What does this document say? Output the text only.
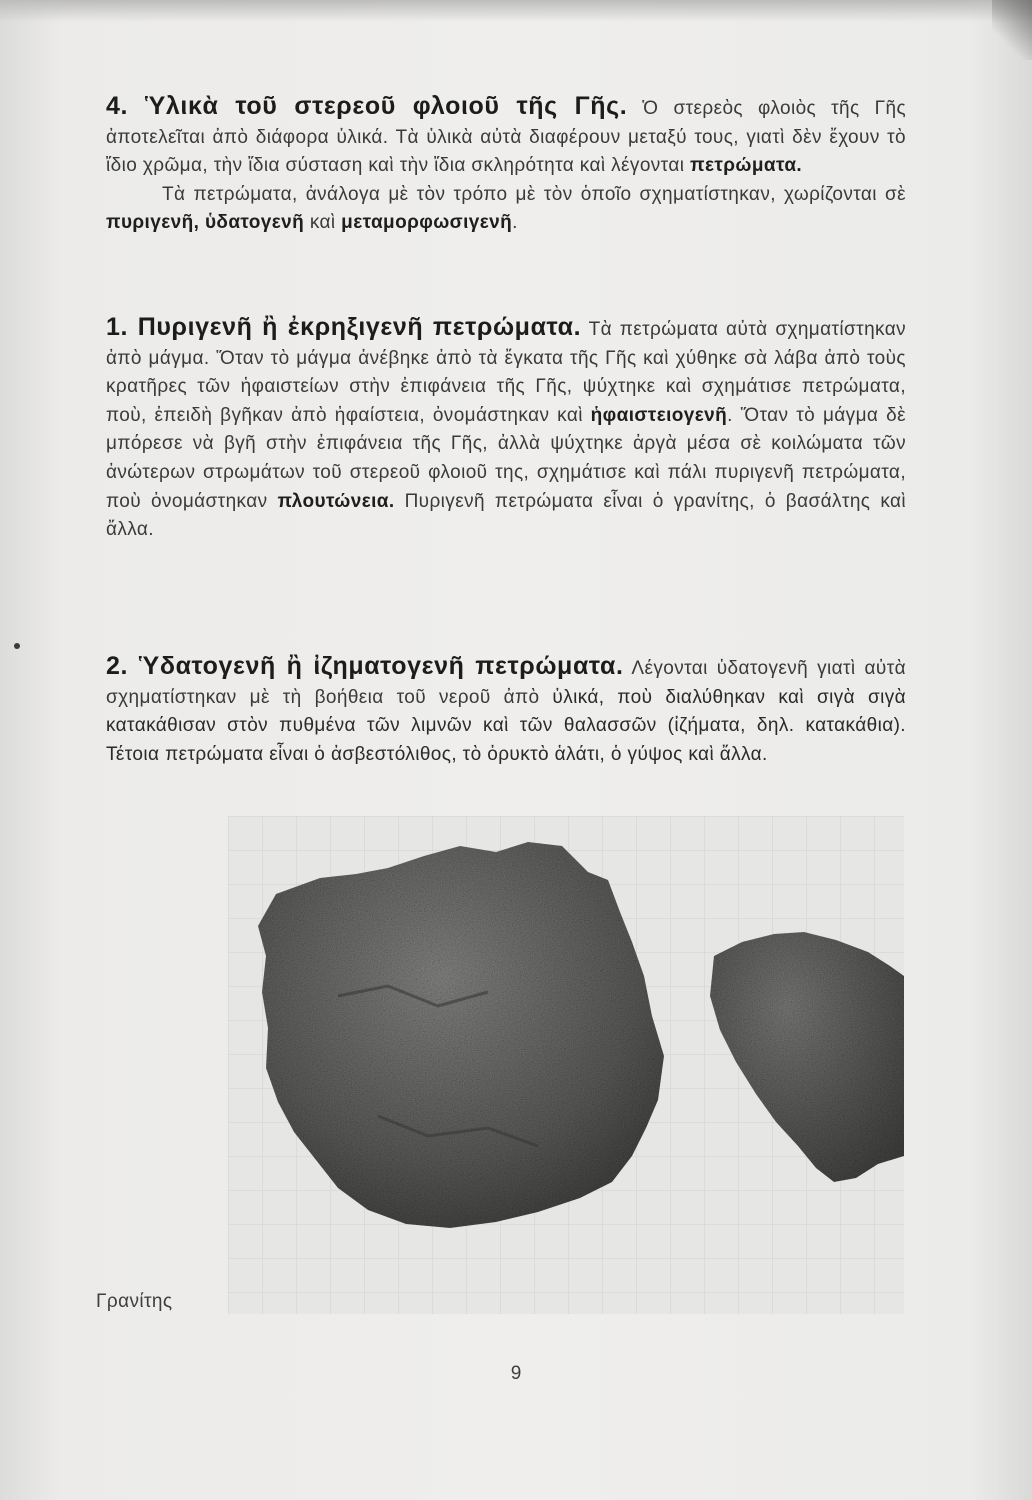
4. Ὑλικὰ τοῦ στερεοῦ φλοιοῦ τῆς Γῆς. Ὁ στερεὸς φλοιὸς τῆς Γῆς ἀποτελεῖται ἀπὸ διάφορα ὑλικά. Τὰ ὑλικὰ αὐτὰ διαφέρουν μεταξύ τους, γιατὶ δὲν ἔχουν τὸ ἴδιο χρῶμα, τὴν ἴδια σύσταση καὶ τὴν ἴδια σκληρότητα καὶ λέγονται πετρώματα.

Τὰ πετρώματα, ἀνάλογα μὲ τὸν τρόπο μὲ τὸν ὁποῖο σχηματίστηκαν, χωρίζονται σὲ πυριγενῆ, ὑδατογενῆ καὶ μεταμορφωσιγενῆ.

1. Πυριγενῆ ἢ ἐκρηξιγενῆ πετρώματα. Τὰ πετρώματα αὐτὰ σχηματίστηκαν ἀπὸ μάγμα. Ὅταν τὸ μάγμα ἀνέβηκε ἀπὸ τὰ ἔγκατα τῆς Γῆς καὶ χύθηκε σὰ λάβα ἀπὸ τοὺς κρατῆρες τῶν ἡφαιστείων στὴν ἐπιφάνεια τῆς Γῆς, ψύχτηκε καὶ σχημάτισε πετρώματα, ποὺ, ἐπειδὴ βγῆκαν ἀπὸ ἡφαίστεια, ὀνομάστηκαν καὶ ἡφαιστειογενῆ. Ὅταν τὸ μάγμα δὲ μπόρεσε νὰ βγῆ στὴν ἐπιφάνεια τῆς Γῆς, ἀλλὰ ψύχτηκε ἀργὰ μέσα σὲ κοιλώματα τῶν ἀνώτερων στρωμάτων τοῦ στερεοῦ φλοιοῦ της, σχημάτισε καὶ πάλι πυριγενῆ πετρώματα, ποὺ ὀνομάστηκαν πλουτώνεια. Πυριγενῆ πετρώματα εἶναι ὁ γρανίτης, ὁ βασάλτης καὶ ἄλλα.

2. Ὑδατογενῆ ἢ ἰζηματογενῆ πετρώματα. Λέγονται ὑδατογενῆ γιατὶ αὐτὰ σχηματίστηκαν μὲ τὴ βοήθεια τοῦ νεροῦ ἀπὸ ὑλικά, ποὺ διαλύθηκαν καὶ σιγὰ σιγὰ κατακάθισαν στὸν πυθμένα τῶν λιμνῶν καὶ τῶν θαλασσῶν (ἰζήματα, δηλ. κατακάθια). Τέτοια πετρώματα εἶναι ὁ ἀσβεστόλιθος, τὸ ὀρυκτὸ ἁλάτι, ὁ γύψος καὶ ἄλλα.

Γρανίτης
9
